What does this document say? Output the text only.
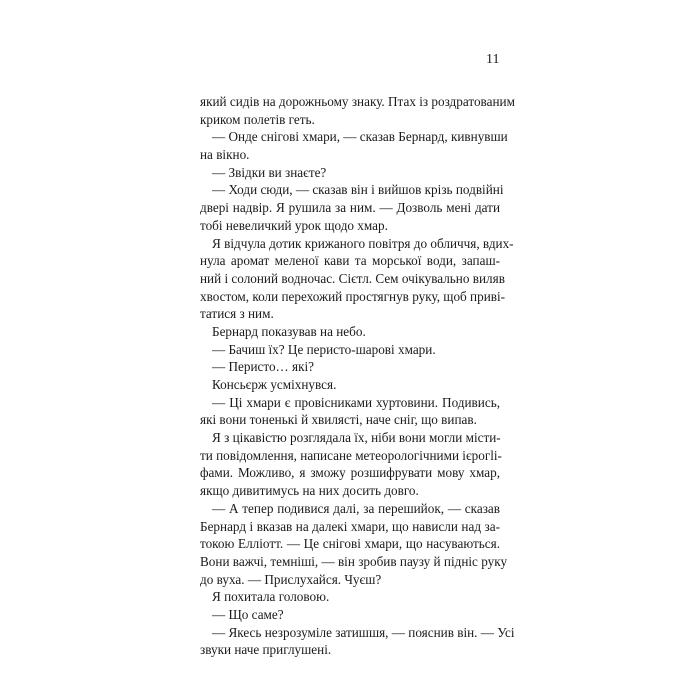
11
який сидів на дорожньому знаку. Птах із роздратованим
криком полетів геть.
— Онде снігові хмари, — сказав Бернард, кивнувши
на вікно.
— Звідки ви знаєте?
— Ходи сюди, — сказав він і вийшов крізь подвійні
двері надвір. Я рушила за ним. — Дозволь мені дати
тобі невеличкий урок щодо хмар.
Я відчула дотик крижаного повітря до обличчя, вдих-
нула аромат меленої кави та морської води, запаш-
ний і солоний водночас. Сієтл. Сем очікувально виляв
хвостом, коли перехожий простягнув руку, щоб приві-
татися з ним.
Бернард показував на небо.
— Бачиш їх? Це перисто-шарові хмари.
— Перисто… які?
Консьєрж усміхнувся.
— Ці хмари є провісниками хуртовини. Подивись,
які вони тоненькі й хвилясті, наче сніг, що випав.
Я з цікавістю розглядала їх, ніби вони могли місти-
ти повідомлення, написане метеорологічними ієрогlі-
фами. Можливо, я зможу розшифрувати мову хмар,
якщо дивитимусь на них досить довго.
— А тепер подивися далі, за перешийок, — сказав
Бернард і вказав на далекі хмари, що нависли над за-
токою Елліотт. — Це снігові хмари, що насуваються.
Вони важчі, темніші, — він зробив паузу й підніс руку
до вуха. — Прислухайся. Чуєш?
Я похитала головою.
— Що саме?
— Якесь незрозуміле затишшя, — пояснив він. — Усі
звуки наче приглушені.
